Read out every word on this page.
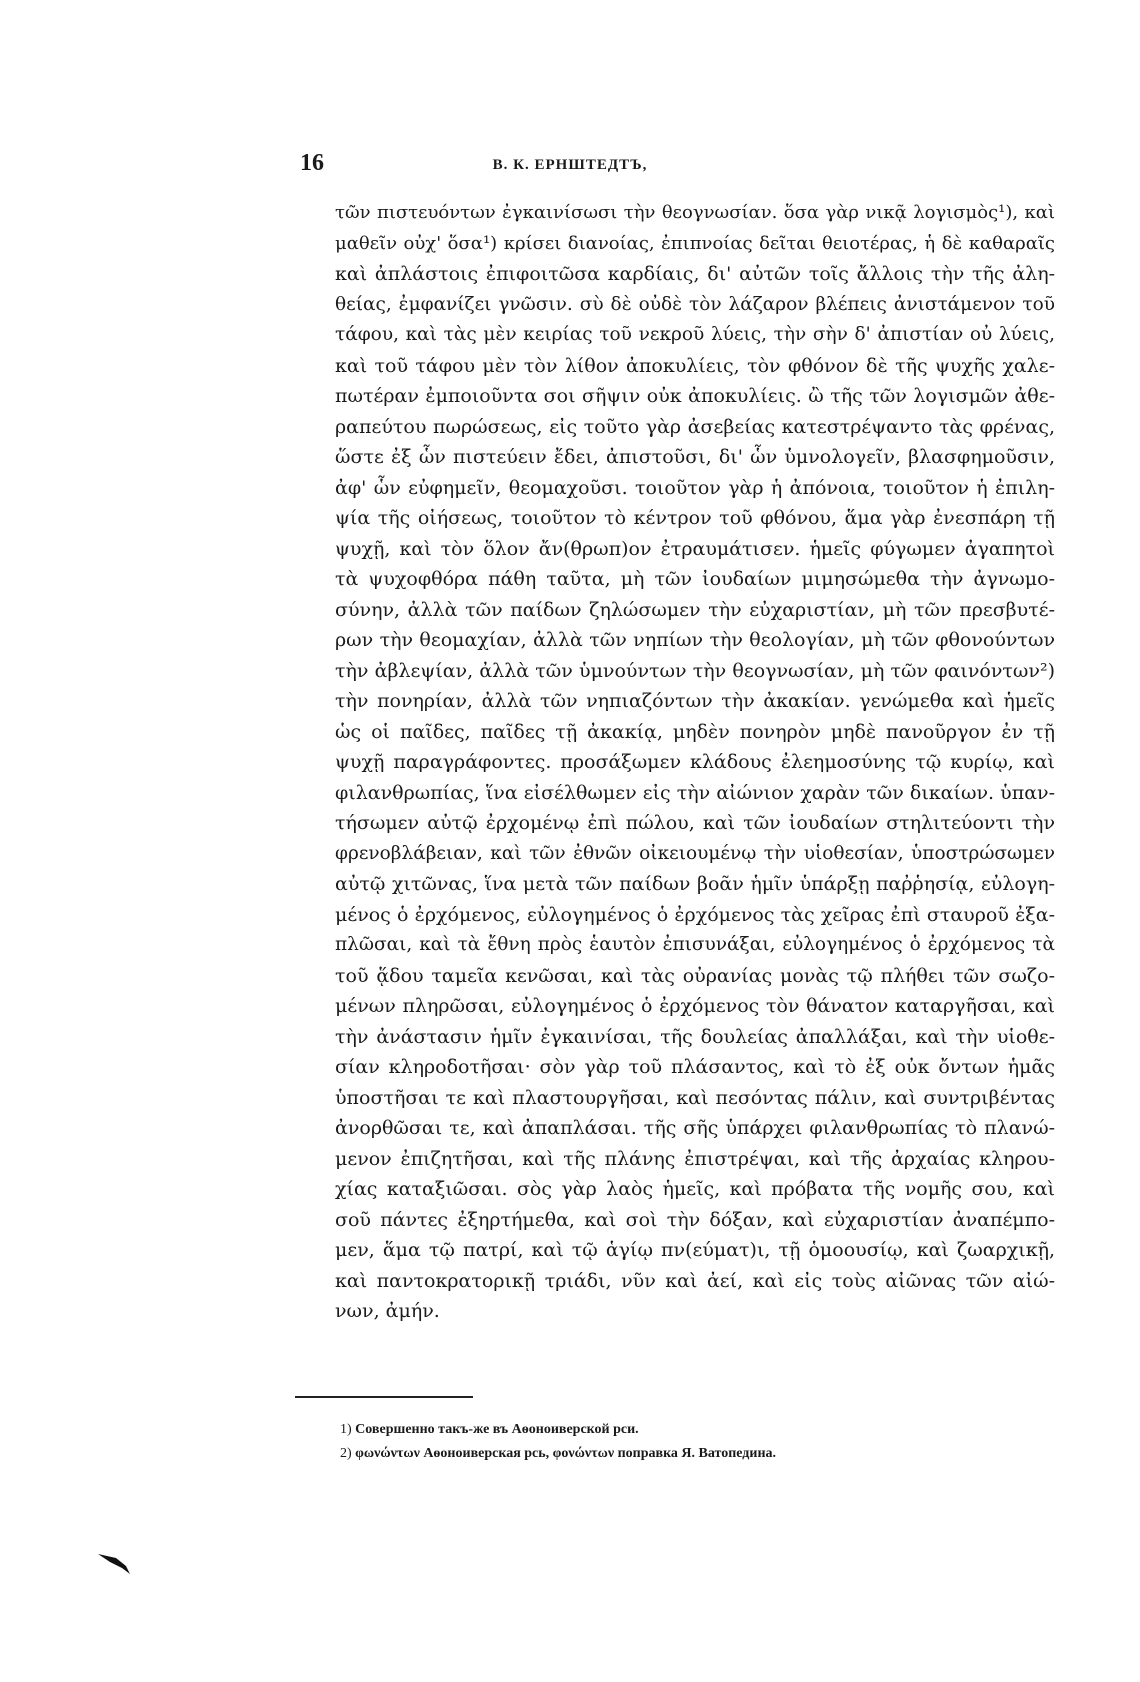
16	В. К. ЕРНШТЕДТЪ,
τῶν πιστευόντων ἐγκαινίσωσι τὴν θεογνωσίαν. ὅσα γὰρ νικᾷ λογισμὸς¹), καὶ
μαθεῖν οὐχ' ὅσα¹) κρίσει διανοίας, ἐπιπνοίας δεῖται θειοτέρας, ἡ δὲ καθαραῖς
καὶ ἀπλάστοις ἐπιφοιτῶσα καρδίαις, δι' αὐτῶν τοῖς ἄλλοις τὴν τῆς ἀλη-
θείας, ἐμφανίζει γνῶσιν. σὺ δὲ οὐδὲ τὸν λάζαρον βλέπεις ἀνιστάμενον τοῦ
τάφου, καὶ τὰς μὲν κειρίας τοῦ νεκροῦ λύεις, τὴν σὴν δ' ἀπιστίαν οὐ λύεις,
καὶ τοῦ τάφου μὲν τὸν λίθον ἀποκυλίεις, τὸν φθόνον δὲ τῆς ψυχῆς χαλε-
πωτέραν ἐμποιοῦντα σοι σῆψιν οὐκ ἀποκυλίεις. ὢ τῆς τῶν λογισμῶν ἀθε-
ραπεύτου πωρώσεως, εἰς τοῦτο γὰρ ἀσεβείας κατεστρέψαντο τὰς φρένας,
ὥστε ἐξ ὧν πιστεύειν ἔδει, ἀπιστοῦσι, δι' ὧν ὑμνολογεῖν, βλασφημοῦσιν,
ἀφ' ὧν εὐφημεῖν, θεομαχοῦσι. τοιοῦτον γὰρ ἡ ἀπόνοια, τοιοῦτον ἡ ἐπιλη-
ψία τῆς οἰήσεως, τοιοῦτον τὸ κέντρον τοῦ φθόνου, ἅμα γὰρ ἐνεσπάρη τῇ
ψυχῇ, καὶ τὸν ὅλον ἄν(θρωπ)ον ἐτραυμάτισεν. ἡμεῖς φύγωμεν ἀγαπητοὶ
τὰ ψυχοφθόρα πάθη ταῦτα, μὴ τῶν ἰουδαίων μιμησώμεθα τὴν ἀγνωμο-
σύνην, ἀλλὰ τῶν παίδων ζηλώσωμεν τὴν εὐχαριστίαν, μὴ τῶν πρεσβυτέ-
ρων τὴν θεομαχίαν, ἀλλὰ τῶν νηπίων τὴν θεολογίαν, μὴ τῶν φθονούντων
τὴν ἀβλεψίαν, ἀλλὰ τῶν ὑμνούντων τὴν θεογνωσίαν, μὴ τῶν φαινόντων²)
τὴν πονηρίαν, ἀλλὰ τῶν νηπιαζόντων τὴν ἀκακίαν. γενώμεθα καὶ ἡμεῖς
ὡς οἱ παῖδες, παῖδες τῇ ἀκακίᾳ, μηδὲν πονηρὸν μηδὲ πανοῦργον ἐν τῇ
ψυχῇ παραγράφοντες. προσάξωμεν κλάδους ἐλεημοσύνης τῷ κυρίῳ, καὶ
φιλανθρωπίας, ἵνα εἰσέλθωμεν εἰς τὴν αἰώνιον χαρὰν τῶν δικαίων. ὑπαν-
τήσωμεν αὐτῷ ἐρχομένῳ ἐπὶ πώλου, καὶ τῶν ἰουδαίων στηλιτεύοντι τὴν
φρενοβλάβειαν, καὶ τῶν ἐθνῶν οἰκειουμένῳ τὴν υἱοθεσίαν, ὑποστρώσωμεν
αὐτῷ χιτῶνας, ἵνα μετὰ τῶν παίδων βοᾶν ἡμῖν ὑπάρξῃ παῤῥησίᾳ, εὐλογη-
μένος ὁ ἐρχόμενος, εὐλογημένος ὁ ἐρχόμενος τὰς χεῖρας ἐπὶ σταυροῦ ἐξα-
πλῶσαι, καὶ τὰ ἔθνη πρὸς ἑαυτὸν ἐπισυνάξαι, εὐλογημένος ὁ ἐρχόμενος τὰ
τοῦ ᾅδου ταμεῖα κενῶσαι, καὶ τὰς οὐρανίας μονὰς τῷ πλήθει τῶν σωζο-
μένων πληρῶσαι, εὐλογημένος ὁ ἐρχόμενος τὸν θάνατον καταργῆσαι, καὶ
τὴν ἀνάστασιν ἡμῖν ἐγκαινίσαι, τῆς δουλείας ἀπαλλάξαι, καὶ τὴν υἱοθε-
σίαν κληροδοτῆσαι· σὸν γὰρ τοῦ πλάσαντος, καὶ τὸ ἐξ οὐκ ὄντων ἡμᾶς
ὑποστῆσαι τε καὶ πλαστουργῆσαι, καὶ πεσόντας πάλιν, καὶ συντριβέντας
ἀνορθῶσαι τε, καὶ ἀπαπλάσαι. τῆς σῆς ὑπάρχει φιλανθρωπίας τὸ πλανώ-
μενον ἐπιζητῆσαι, καὶ τῆς πλάνης ἐπιστρέψαι, καὶ τῆς ἀρχαίας κληρου-
χίας καταξιῶσαι. σὸς γὰρ λαὸς ἡμεῖς, καὶ πρόβατα τῆς νομῆς σου, καὶ
σοῦ πάντες ἐξηρτήμεθα, καὶ σοὶ τὴν δόξαν, καὶ εὐχαριστίαν ἀναπέμπο-
μεν, ἅμα τῷ πατρί, καὶ τῷ ἁγίῳ πν(εύματ)ι, τῇ ὁμοουσίῳ, καὶ ζωαρχικῇ,
καὶ παντοκρατορικῇ τριάδι, νῦν καὶ ἀεί, καὶ εἰς τοὺς αἰῶνας τῶν αἰώ-
νων, ἀμήν.
1) Совершенно такъ-же въ Аѳоноиверской рси.
2) φωνώντων Аѳоноиверская рсь, φονώντων поправка Я. Ватопедина.
